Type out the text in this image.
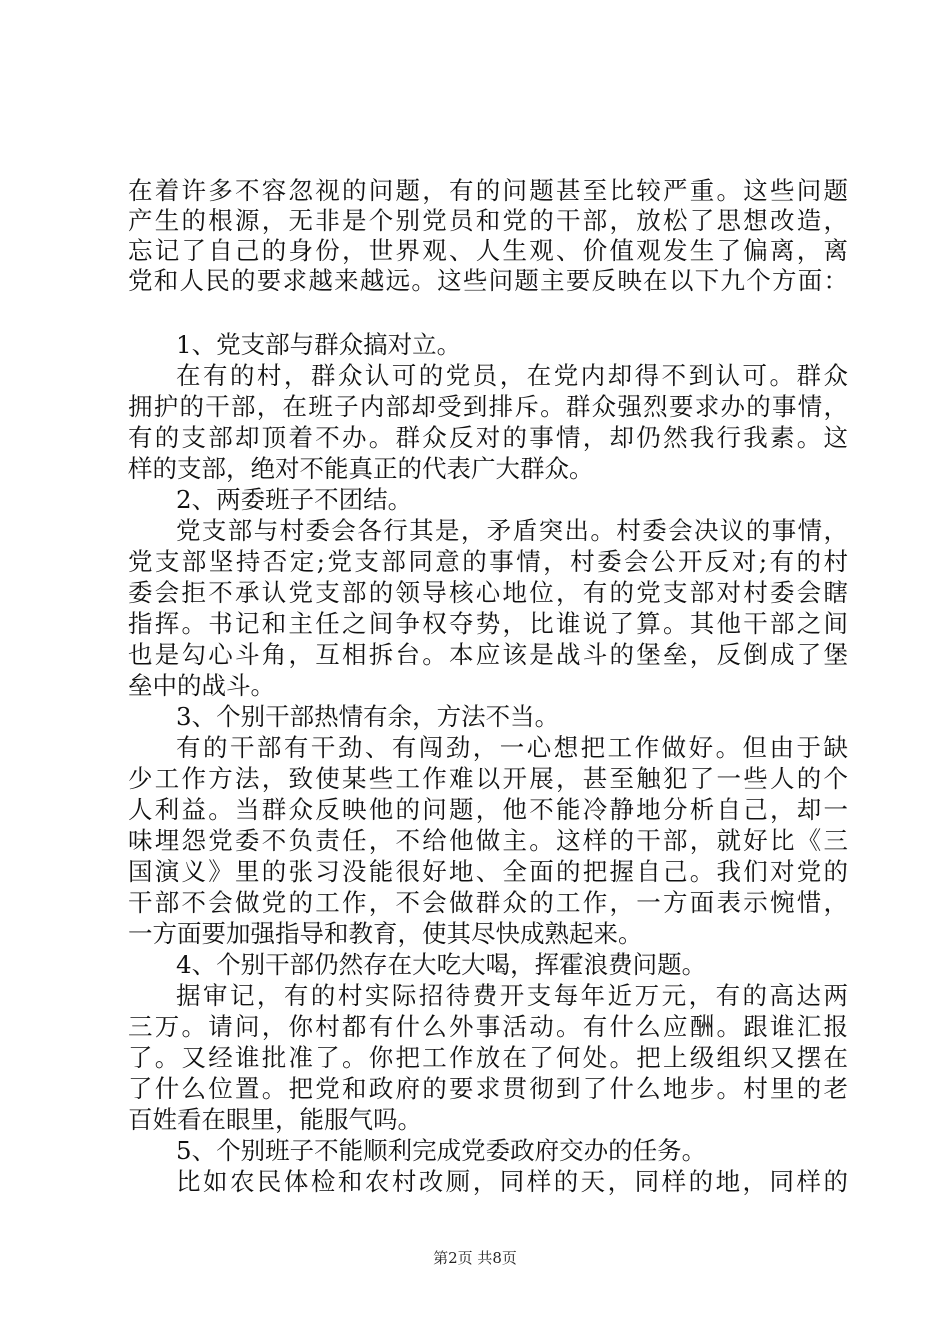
在着许多不容忽视的问题，有的问题甚至比较严重。这些问题
产生的根源，无非是个别党员和党的干部，放松了思想改造，
忘记了自己的身份，世界观、人生观、价值观发生了偏离，离
党和人民的要求越来越远。这些问题主要反映在以下九个方面：
1、党支部与群众搞对立。
在有的村，群众认可的党员，在党内却得不到认可。群众
拥护的干部，在班子内部却受到排斥。群众强烈要求办的事情，
有的支部却顶着不办。群众反对的事情，却仍然我行我素。这
样的支部，绝对不能真正的代表广大群众。
2、两委班子不团结。
党支部与村委会各行其是，矛盾突出。村委会决议的事情，
党支部坚持否定;党支部同意的事情，村委会公开反对;有的村
委会拒不承认党支部的领导核心地位，有的党支部对村委会瞎
指挥。书记和主任之间争权夺势，比谁说了算。其他干部之间
也是勾心斗角，互相拆台。本应该是战斗的堡垒，反倒成了堡
垒中的战斗。
3、个别干部热情有余，方法不当。
有的干部有干劲、有闯劲，一心想把工作做好。但由于缺
少工作方法，致使某些工作难以开展，甚至触犯了一些人的个
人利益。当群众反映他的问题，他不能冷静地分析自己，却一
味埋怨党委不负责任，不给他做主。这样的干部，就好比《三
国演义》里的张习没能很好地、全面的把握自己。我们对党的
干部不会做党的工作，不会做群众的工作，一方面表示惋惜，
一方面要加强指导和教育，使其尽快成熟起来。
4、个别干部仍然存在大吃大喝，挥霍浪费问题。
据审记，有的村实际招待费开支每年近万元，有的高达两
三万。请问，你村都有什么外事活动。有什么应酬。跟谁汇报
了。又经谁批准了。你把工作放在了何处。把上级组织又摆在
了什么位置。把党和政府的要求贯彻到了什么地步。村里的老
百姓看在眼里，能服气吗。
5、个别班子不能顺利完成党委政府交办的任务。
比如农民体检和农村改厕，同样的天，同样的地，同样的
第2页 共8页
